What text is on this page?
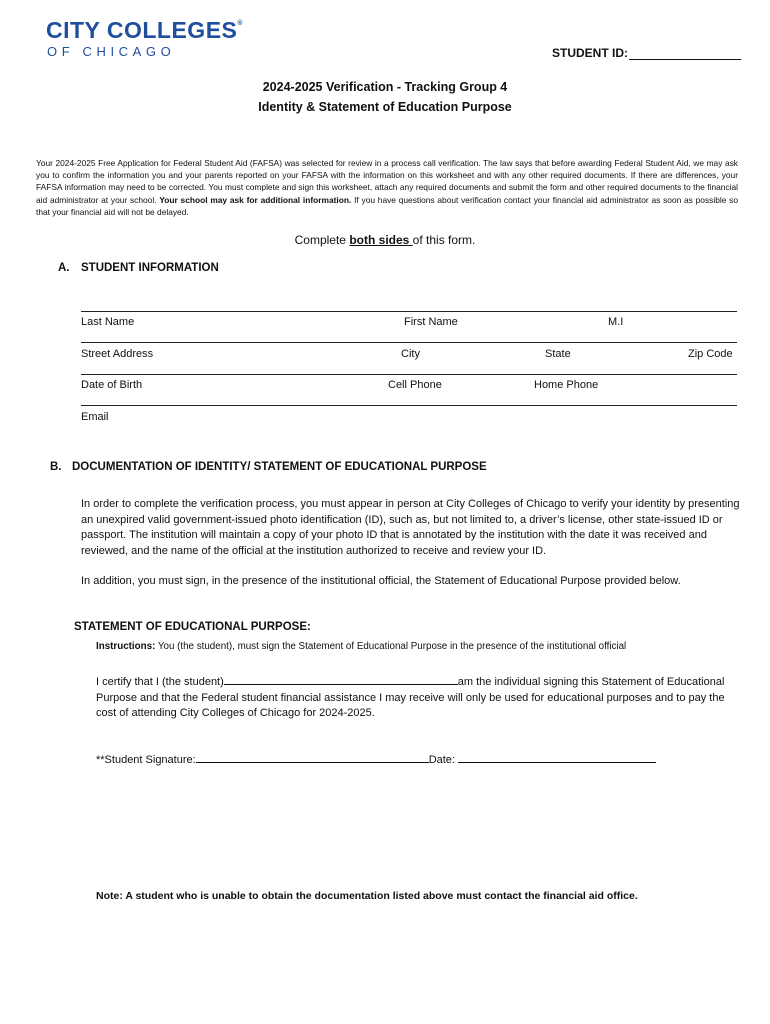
CITY COLLEGES®
OF CHICAGO	STUDENT ID:
2024-2025 Verification - Tracking Group 4
Identity & Statement of Education Purpose
Your 2024-2025 Free Application for Federal Student Aid (FAFSA) was selected for review in a process call verification. The law says that before awarding Federal Student Aid, we may ask you to confirm the information you and your parents reported on your FAFSA with the information on this worksheet and with any other required documents. If there are differences, your FAFSA information may need to be corrected. You must complete and sign this worksheet, attach any required documents and submit the form and other required documents to the financial aid administrator at your school. Your school may ask for additional information. If you have questions about verification contact your financial aid administrator as soon as possible so that your financial aid will not be delayed.
Complete both sides of this form.
A. STUDENT INFORMATION
Last Name	First Name	M.I
Street Address	City	State	Zip Code
Date of Birth	Cell Phone	Home Phone
Email
B. DOCUMENTATION OF IDENTITY/ STATEMENT OF EDUCATIONAL PURPOSE
In order to complete the verification process, you must appear in person at City Colleges of Chicago to verify your identity by presenting an unexpired valid government-issued photo identification (ID), such as, but not limited to, a driver’s license, other state-issued ID or passport. The institution will maintain a copy of your photo ID that is annotated by the institution with the date it was received and reviewed, and the name of the official at the institution authorized to receive and review your ID.
In addition, you must sign, in the presence of the institutional official, the Statement of Educational Purpose provided below.
STATEMENT OF EDUCATIONAL PURPOSE:
Instructions: You (the student), must sign the Statement of Educational Purpose in the presence of the institutional official
I certify that I (the student)	am the individual signing this Statement of Educational Purpose and that the Federal student financial assistance I may receive will only be used for educational purposes and to pay the cost of attending City Colleges of Chicago for 2024-2025.
**Student Signature:	Date:
Note: A student who is unable to obtain the documentation listed above must contact the financial aid office.
